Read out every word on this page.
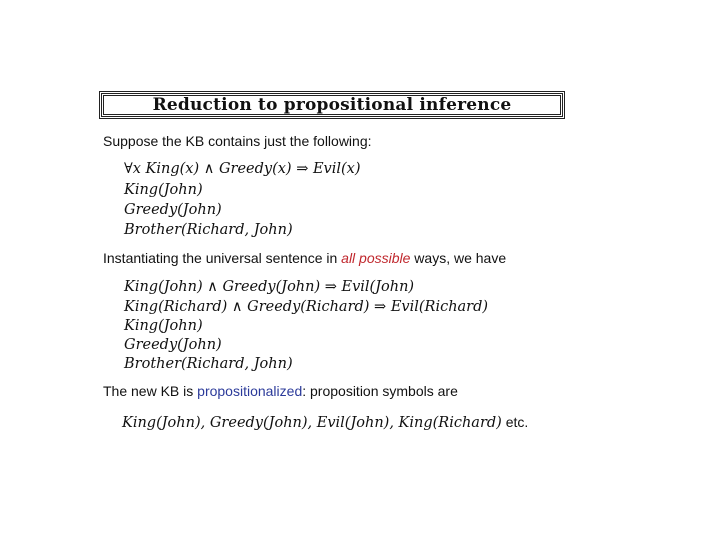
Reduction to propositional inference
Suppose the KB contains just the following:
∀x King(x) ∧ Greedy(x) ⇒ Evil(x)
King(John)
Greedy(John)
Brother(Richard, John)
Instantiating the universal sentence in all possible ways, we have
King(John) ∧ Greedy(John) ⇒ Evil(John)
King(Richard) ∧ Greedy(Richard) ⇒ Evil(Richard)
King(John)
Greedy(John)
Brother(Richard, John)
The new KB is propositionalized: proposition symbols are
King(John), Greedy(John), Evil(John), King(Richard) etc.
